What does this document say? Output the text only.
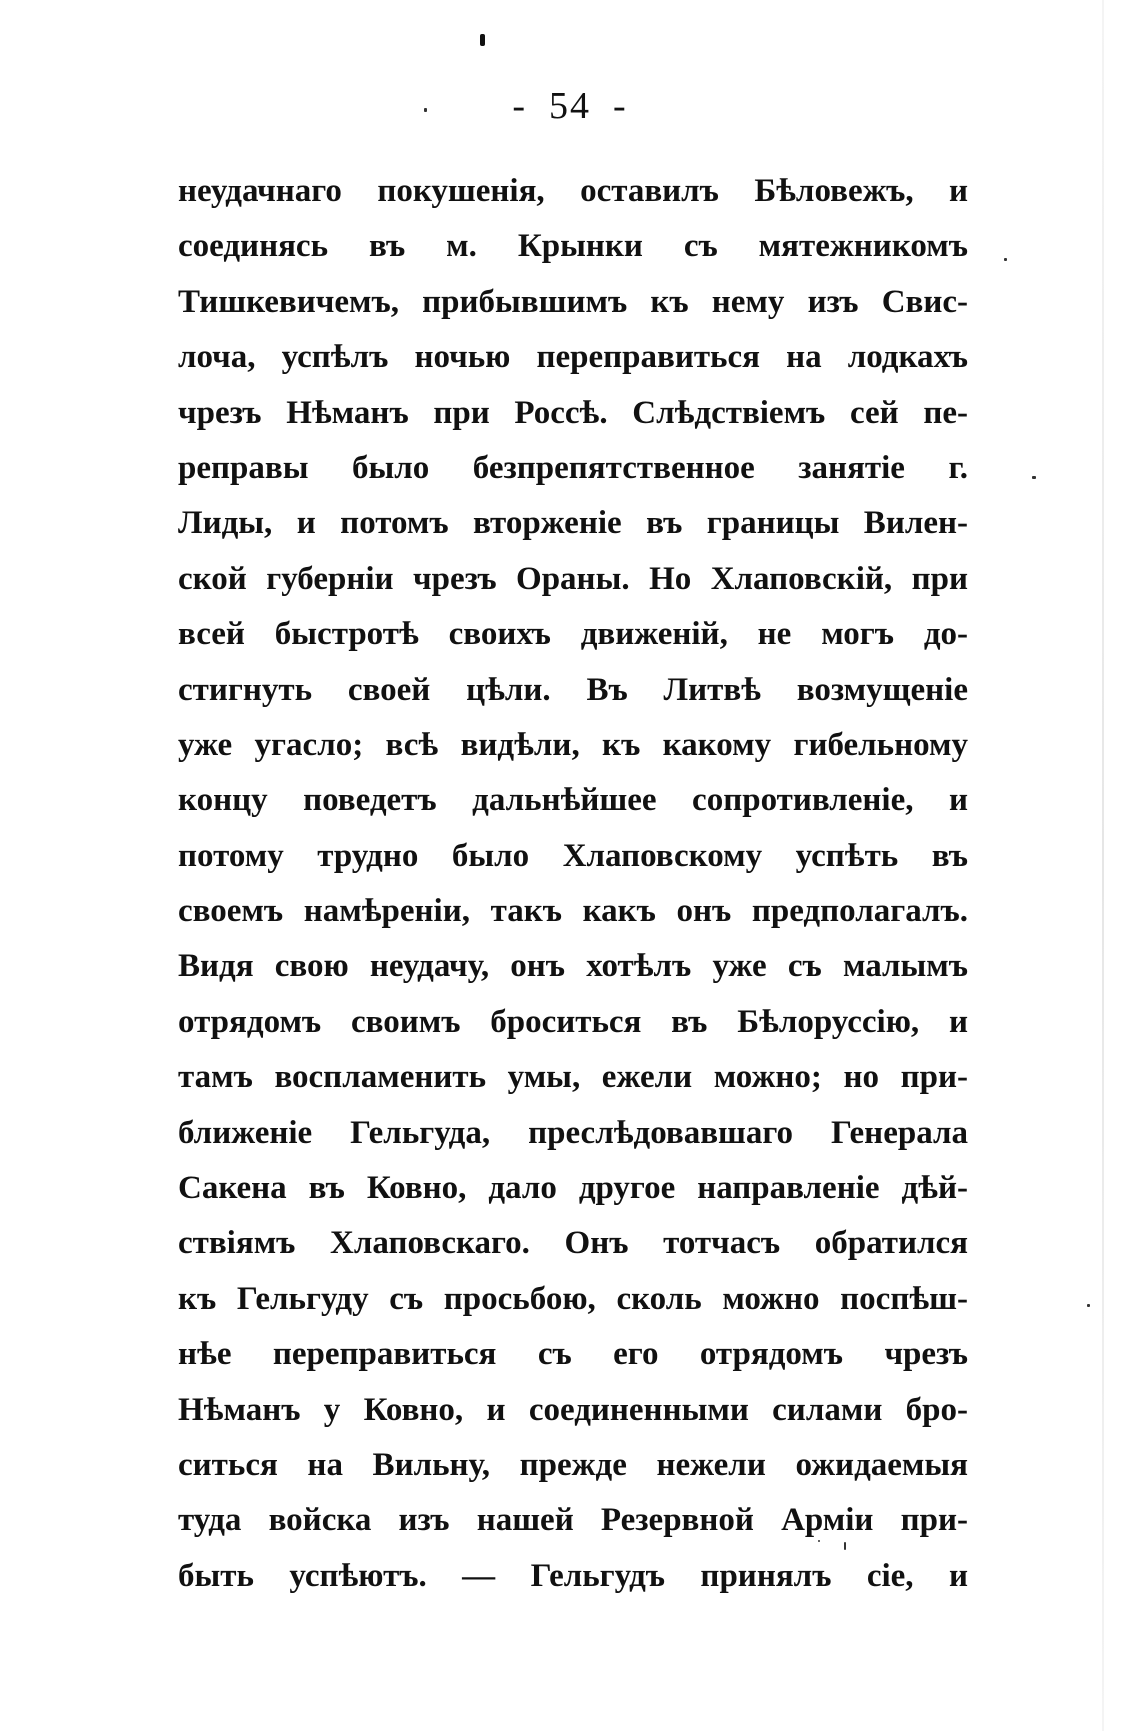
- 54 -
неудачнаго покушенія, оставилъ Бѣловежъ, и
соединясь въ м. Крынки съ мятежникомъ
Тишкевичемъ, прибывшимъ къ нему изъ Свис-
лоча, успѣлъ ночью переправиться на лодкахъ
чрезъ Нѣманъ при Россѣ. Слѣдствіемъ сей пе-
реправы было безпрепятственное занятіе г.
Лиды, и потомъ вторженіе въ границы Вилен-
ской губерніи чрезъ Ораны. Но Хлаповскій, при
всей быстротѣ своихъ движеній, не могъ до-
стигнуть своей цѣли. Въ Литвѣ возмущеніе
уже угасло; всѣ видѣли, къ какому гибельному
концу поведетъ дальнѣйшее сопротивленіе, и
потому трудно было Хлаповскому успѣть въ
своемъ намѣреніи, такъ какъ онъ предполагалъ.
Видя свою неудачу, онъ хотѣлъ уже съ малымъ
отрядомъ своимъ броситься въ Бѣлоруссію, и
тамъ воспламенить умы, ежели можно; но при-
ближеніе Гельгуда, преслѣдовавшаго Генерала
Сакена въ Ковно, дало другое направленіе дѣй-
ствіямъ Хлаповскаго. Онъ тотчасъ обратился
къ Гельгуду съ просьбою, сколь можно поспѣш-
нѣе переправиться съ его отрядомъ чрезъ
Нѣманъ у Ковно, и соединенными силами бро-
ситься на Вильну, прежде нежели ожидаемыя
туда войска изъ нашей Резервной Арміи при-
быть успѣютъ. — Гельгудъ принялъ сіе, и
